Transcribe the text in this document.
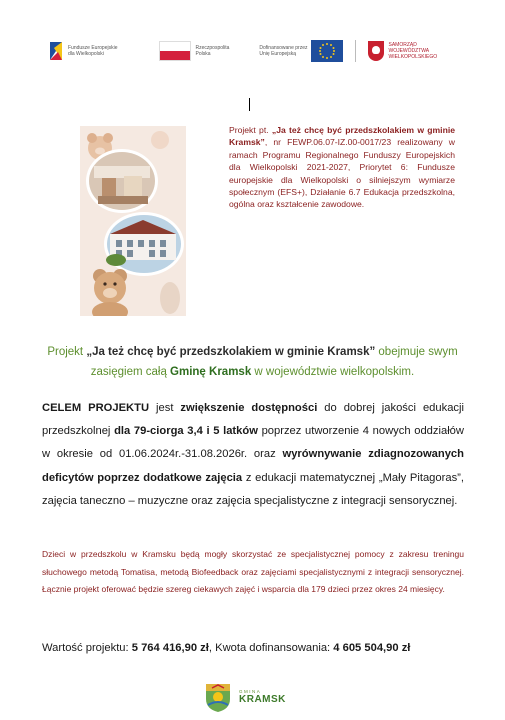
Fundusze Europejskie
dla Wielkopolski
Rzeczpospolita
Polska
Dofinansowane przez
Unię Europejską
SAMORZĄD
WOJEWÓDZTWA
WIELKOPOLSKIEGO
Projekt pt. „Ja też chcę być przedszkolakiem w gminie Kramsk”, nr FEWP.06.07-IZ.00-0017/23 realizowany w ramach Programu Regionalnego Funduszy Europejskich dla Wielkopolski 2021-2027, Priorytet 6: Fundusze europejskie dla Wielkopolski o silniejszym wymiarze społecznym (EFS+), Działanie 6.7 Edukacja przedszkolna, ogólna oraz kształcenie zawodowe.
Projekt „Ja też chcę być przedszkolakiem w gminie Kramsk” obejmuje swym zasięgiem całą Gminę Kramsk w województwie wielkopolskim.
CELEM PROJEKTU jest zwiększenie dostępności do dobrej jakości edukacji przedszkolnej dla 79-ciorga 3,4 i 5 latków poprzez utworzenie 4 nowych oddziałów w okresie od 01.06.2024r.-31.08.2026r. oraz wyrównywanie zdiagnozowanych deficytów poprzez dodatkowe zajęcia z edukacji matematycznej „Mały Pitagoras”, zajęcia taneczno – muzyczne oraz zajęcia specjalistyczne z integracji sensorycznej.
Dzieci w przedszkolu w Kramsku będą mogły skorzystać ze specjalistycznej pomocy z zakresu treningu słuchowego metodą Tomatisa, metodą Biofeedback oraz zajęciami specjalistycznymi z integracji sensorycznej. Łącznie projekt oferować będzie szereg ciekawych zajęć i wsparcia dla 179 dzieci przez okres 24 miesięcy.
Wartość projektu: 5 764 416,90 zł, Kwota dofinansowania: 4 605 504,90 zł
GMINA
KRAMSK
